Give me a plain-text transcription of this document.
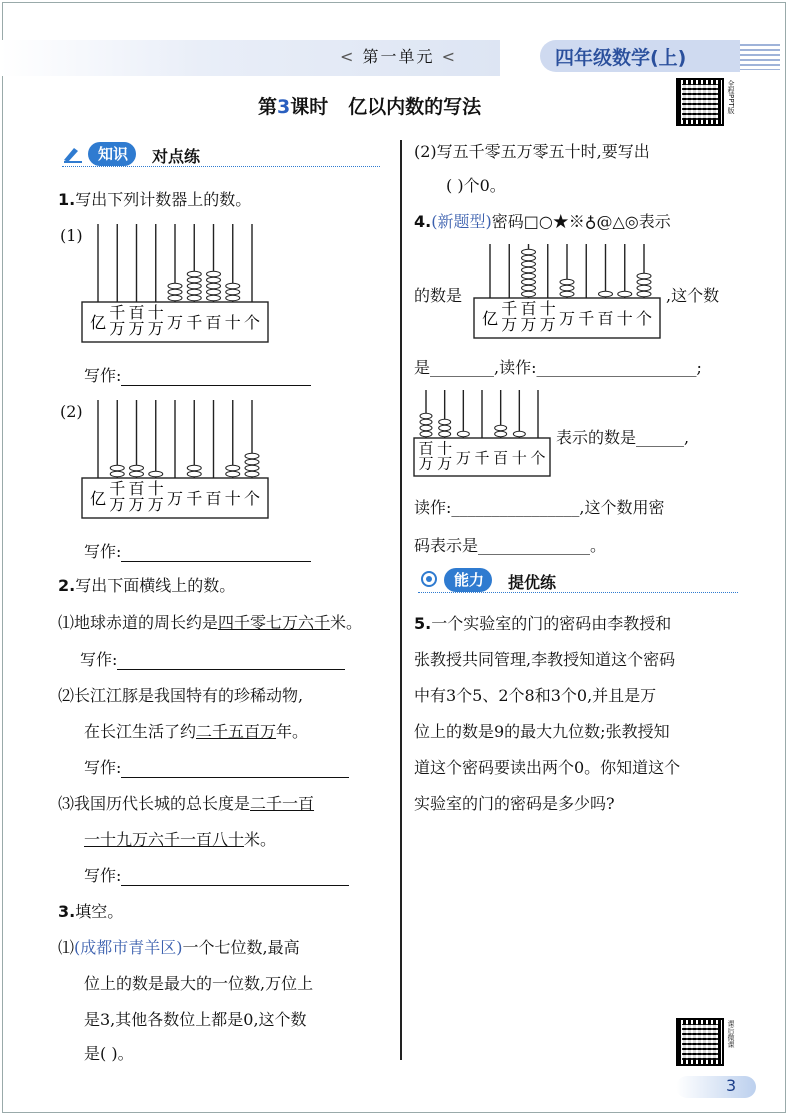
< 第一单元 <	四年级数学(上)
第3课时 亿以内数的写法	全程PPT版
知识	对点练
1.写出下列计数器上的数。
(1)
亿
千
万
百
万
十
万 万 千 百 十 个
写作:
(2)
亿
千
万
百
万
十
万 万 千 百 十 个
写作:
2.写出下面横线上的数。
⑴地球赤道的周长约是四千零七万六千米。
写作:
⑵长江江豚是我国特有的珍稀动物,
在长江生活了约二千五百万年。
写作:
⑶我国历代长城的总长度是二千一百
一十九万六千一百八十米。
写作:
3.填空。
⑴(成都市青羊区)一个七位数,最高
位上的数是最大的一位数,万位上
是3,其他各数位上都是0,这个数
是( )。
(2)写五千零五万零五十时,要写出
( )个0。
4.(新题型)密码□○★※♁@△◎表示
的数是
亿
千
万
百
万
十
万 万 千 百 十 个
,这个数
是________,读作:____________________;
百
万
十
万 万 千 百 十 个
表示的数是______,
读作:________________,这个数用密
码表示是______________。
能力	提优练
5.一个实验室的门的密码由李教授和
张教授共同管理,李教授知道这个密码
中有3个5、2个8和3个0,并且是万
位上的数是9的最大九位数;张教授知
道这个密码要读出两个0。你知道这个
实验室的门的密码是多少吗?
课后微课
3
